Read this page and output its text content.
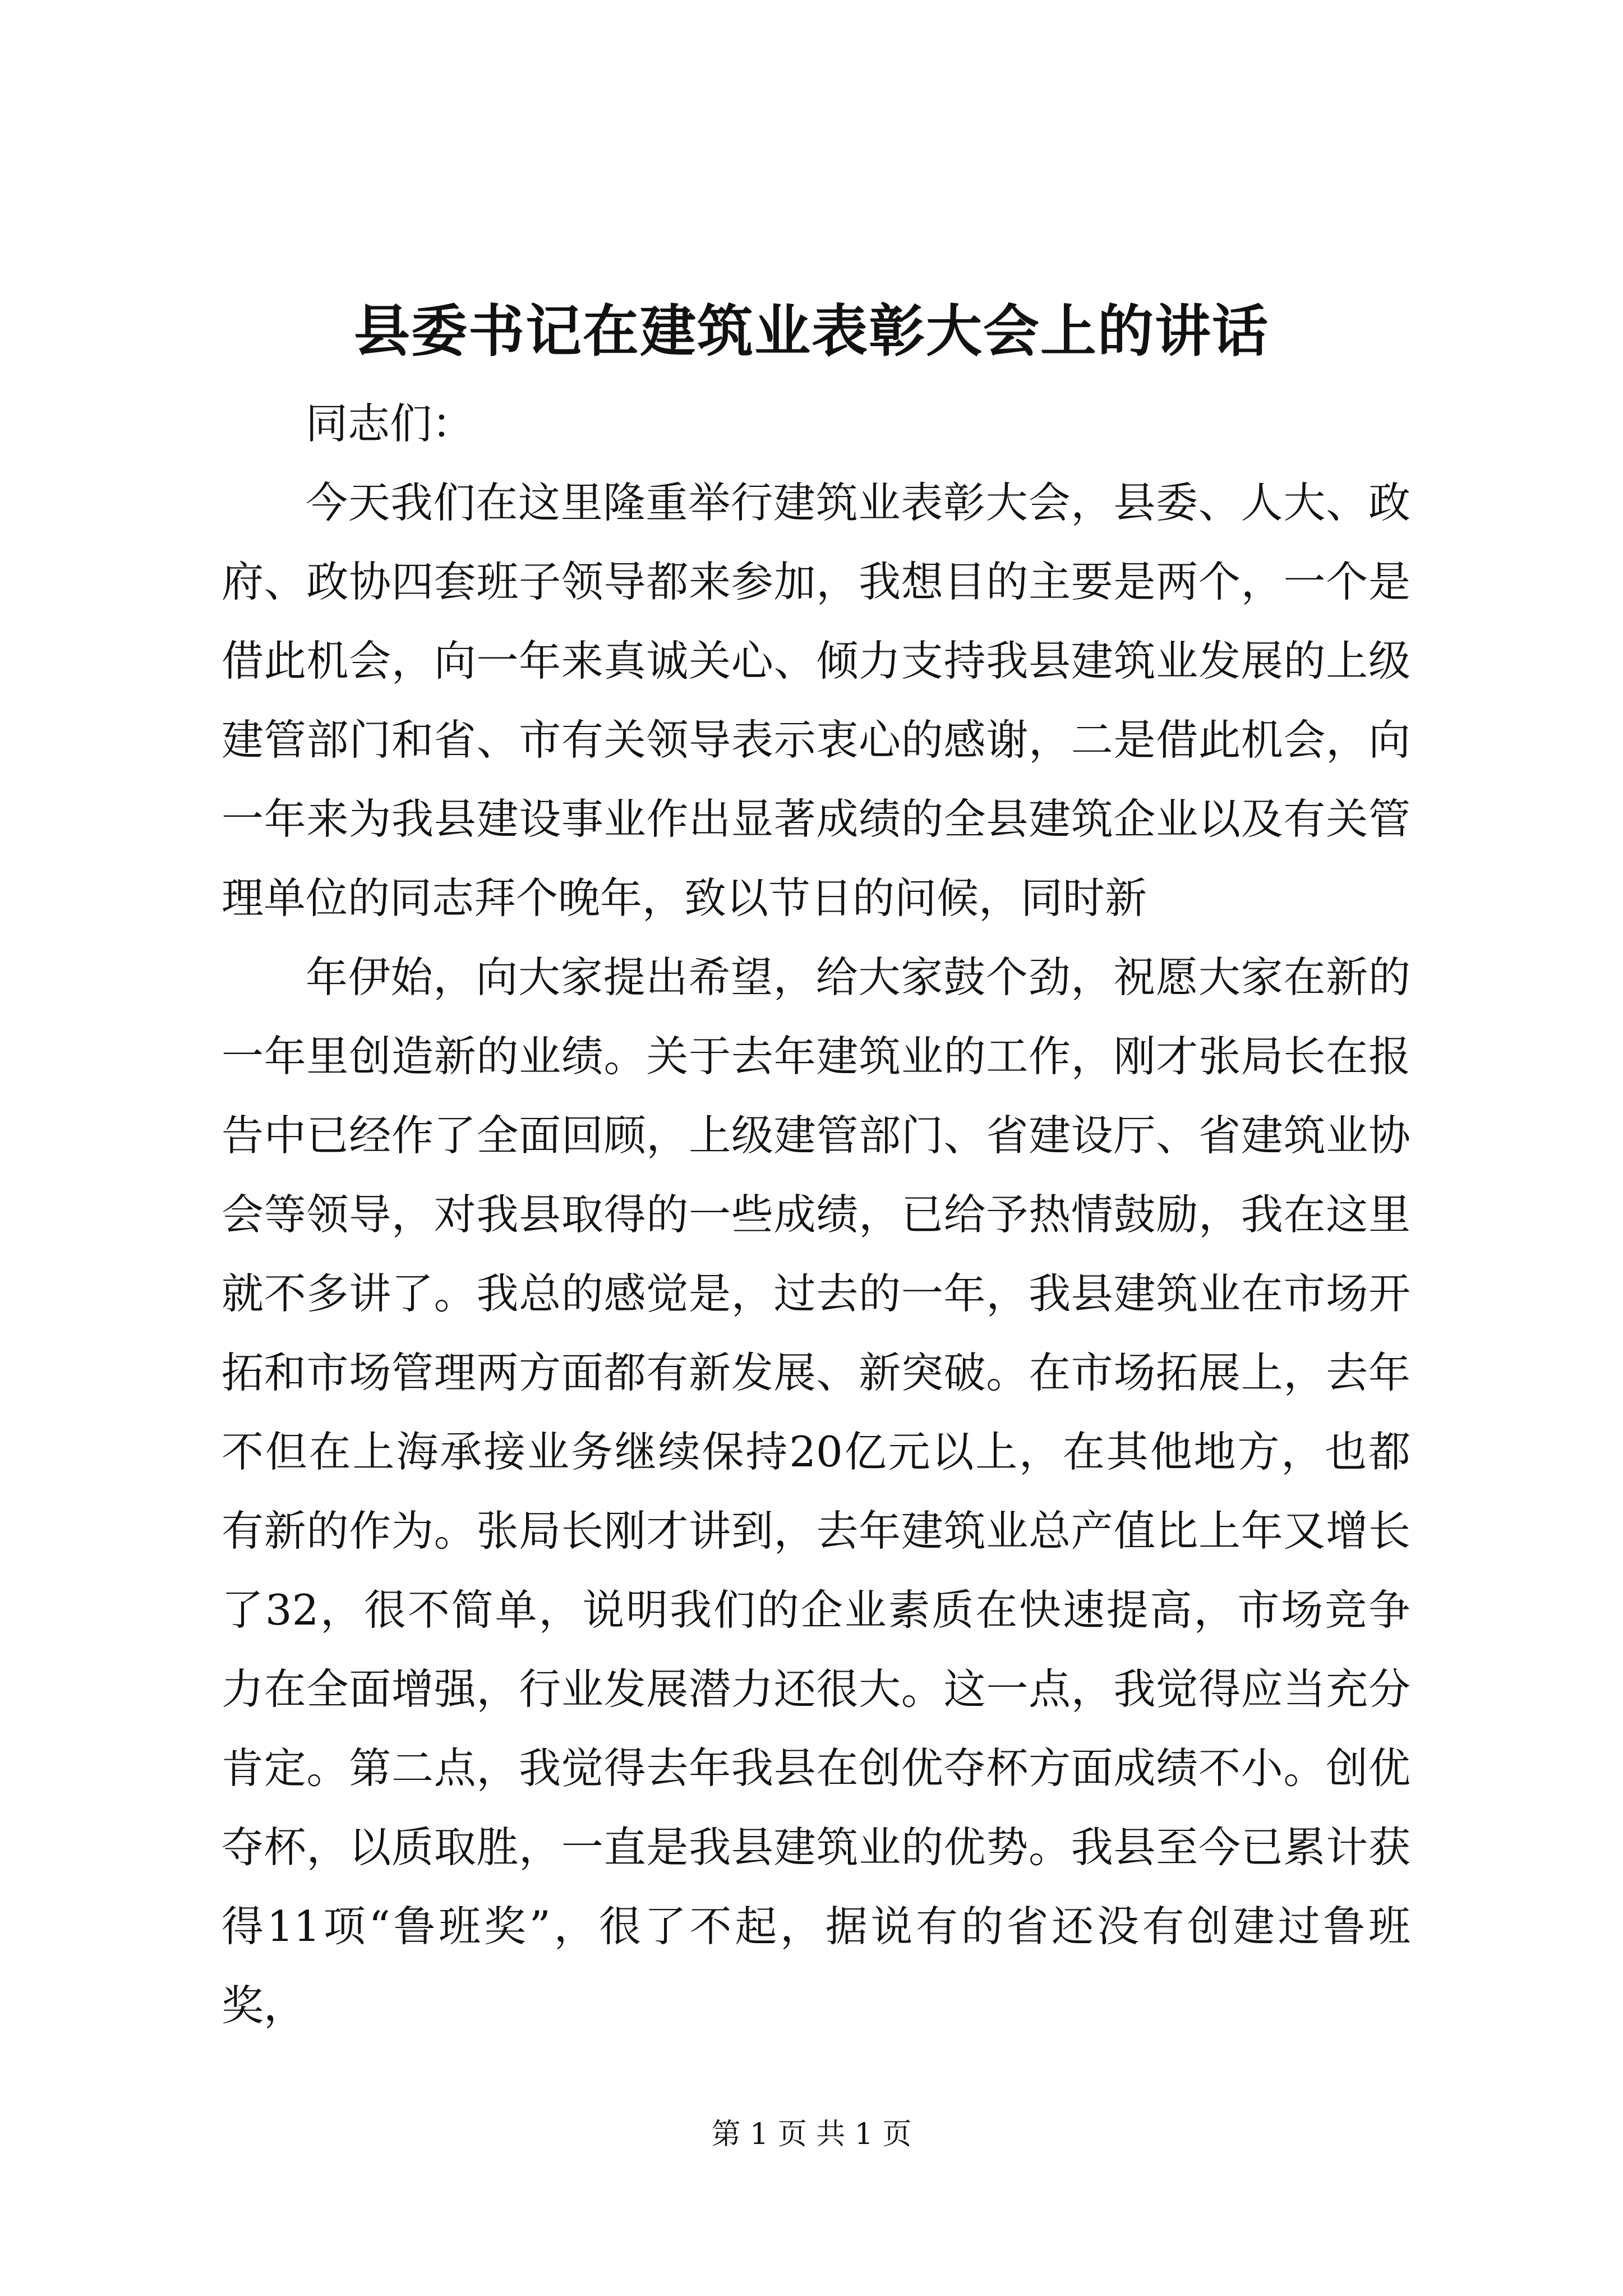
县委书记在建筑业表彰大会上的讲话

同志们：

今天我们在这里隆重举行建筑业表彰大会，县委、人大、政府、政协四套班子领导都来参加，我想目的主要是两个，一个是借此机会，向一年来真诚关心、倾力支持我县建筑业发展的上级建管部门和省、市有关领导表示衷心的感谢，二是借此机会，向一年来为我县建设事业作出显著成绩的全县建筑企业以及有关管理单位的同志拜个晚年，致以节日的问候，同时新

年伊始，向大家提出希望，给大家鼓个劲，祝愿大家在新的一年里创造新的业绩。关于去年建筑业的工作，刚才张局长在报告中已经作了全面回顾，上级建管部门、省建设厅、省建筑业协会等领导，对我县取得的一些成绩，已给予热情鼓励，我在这里就不多讲了。我总的感觉是，过去的一年，我县建筑业在市场开拓和市场管理两方面都有新发展、新突破。在市场拓展上，去年不但在上海承接业务继续保持20亿元以上，在其他地方，也都有新的作为。张局长刚才讲到，去年建筑业总产值比上年又增长了32，很不简单，说明我们的企业素质在快速提高，市场竞争力在全面增强，行业发展潜力还很大。这一点，我觉得应当充分肯定。第二点，我觉得去年我县在创优夺杯方面成绩不小。创优夺杯，以质取胜，一直是我县建筑业的优势。我县至今已累计获得11项“鲁班奖”，很了不起，据说有的省还没有创建过鲁班奖，

第 1 页 共 1 页
